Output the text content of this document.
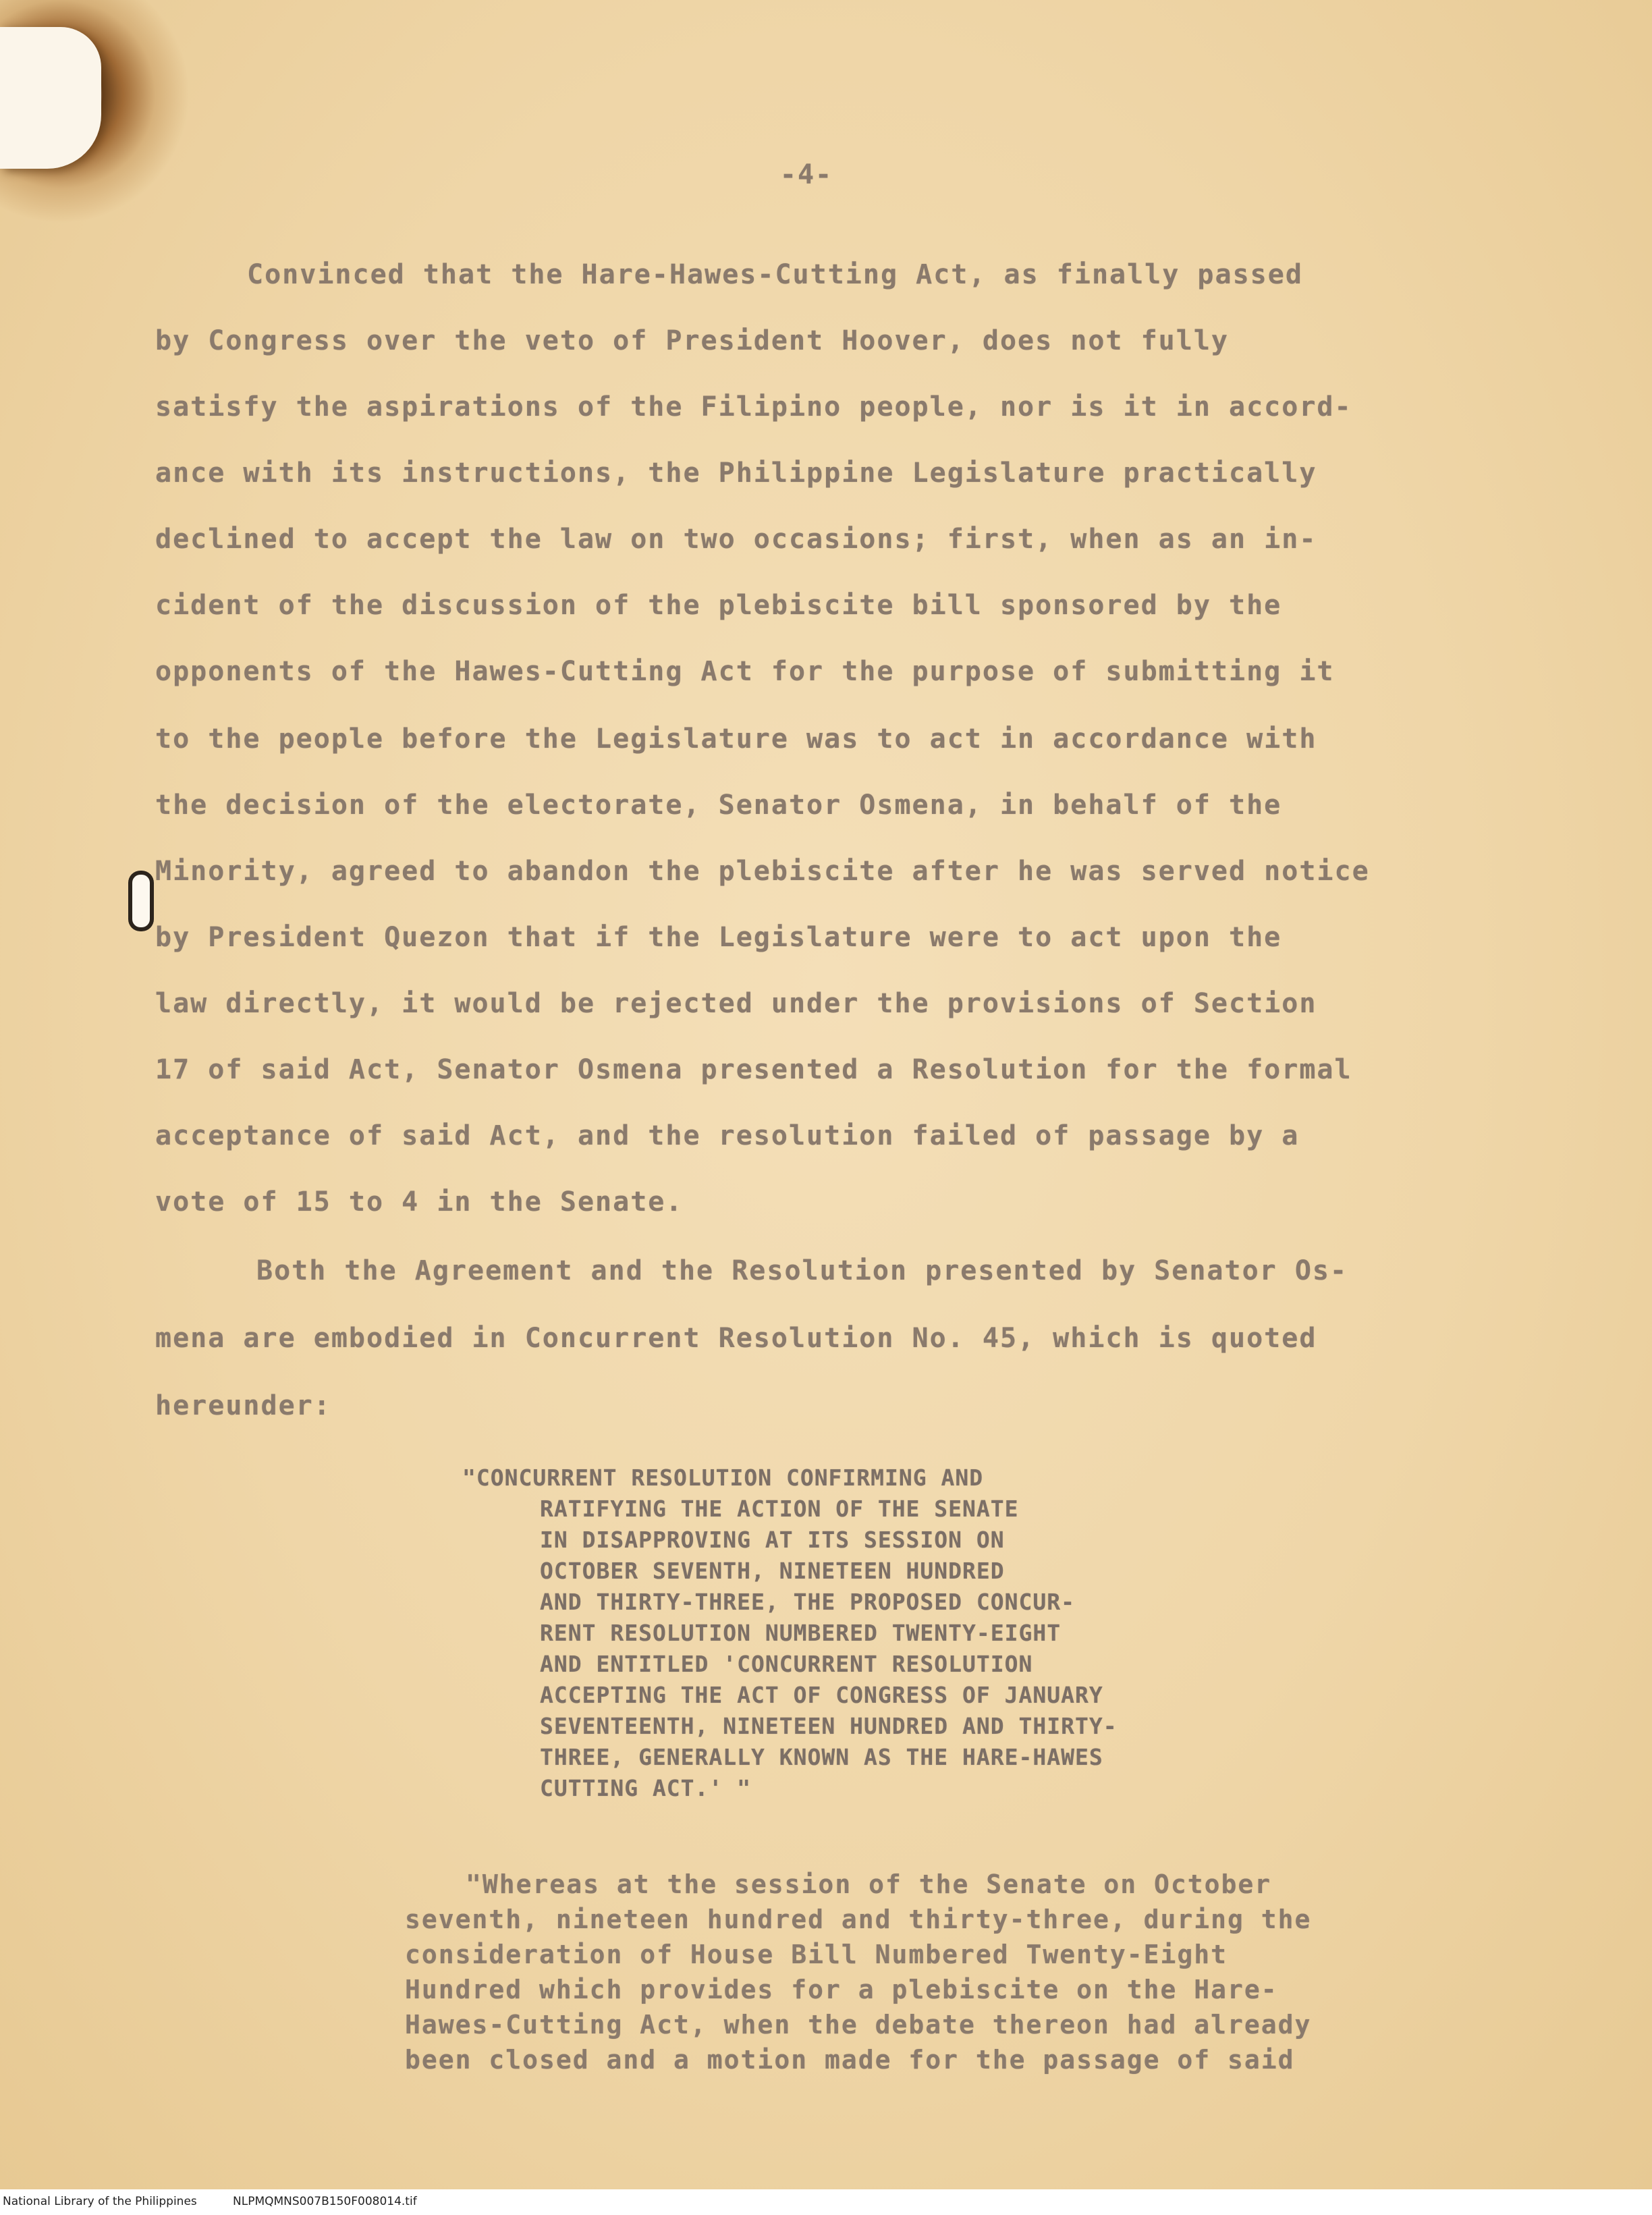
-4-
Convinced that the Hare-Hawes-Cutting Act, as finally passed
by Congress over the veto of President Hoover, does not fully
satisfy the aspirations of the Filipino people, nor is it in accord-
ance with its instructions, the Philippine Legislature practically
declined to accept the law on two occasions; first, when as an in-
cident of the discussion of the plebiscite bill sponsored by the
opponents of the Hawes-Cutting Act for the purpose of submitting it
to the people before the Legislature was to act in accordance with
the decision of the electorate, Senator Osmena, in behalf of the
Minority, agreed to abandon the plebiscite after he was served notice
by President Quezon that if the Legislature were to act upon the
law directly, it would be rejected under the provisions of Section
17 of said Act, Senator Osmena presented a Resolution for the formal
acceptance of said Act, and the resolution failed of passage by a
vote of 15 to 4 in the Senate.
Both the Agreement and the Resolution presented by Senator Os-
mena are embodied in Concurrent Resolution No. 45, which is quoted
hereunder:
"CONCURRENT RESOLUTION CONFIRMING AND
RATIFYING THE ACTION OF THE SENATE
IN DISAPPROVING AT ITS SESSION ON
OCTOBER SEVENTH, NINETEEN HUNDRED
AND THIRTY-THREE, THE PROPOSED CONCUR-
RENT RESOLUTION NUMBERED TWENTY-EIGHT
AND ENTITLED 'CONCURRENT RESOLUTION
ACCEPTING THE ACT OF CONGRESS OF JANUARY
SEVENTEENTH, NINETEEN HUNDRED AND THIRTY-
THREE, GENERALLY KNOWN AS THE HARE-HAWES
CUTTING ACT.' "
"Whereas at the session of the Senate on October
seventh, nineteen hundred and thirty-three, during the
consideration of House Bill Numbered Twenty-Eight
Hundred which provides for a plebiscite on the Hare-
Hawes-Cutting Act, when the debate thereon had already
been closed and a motion made for the passage of said
National Library of the Philippines	NLPMQMNS007B150F008014.tif
